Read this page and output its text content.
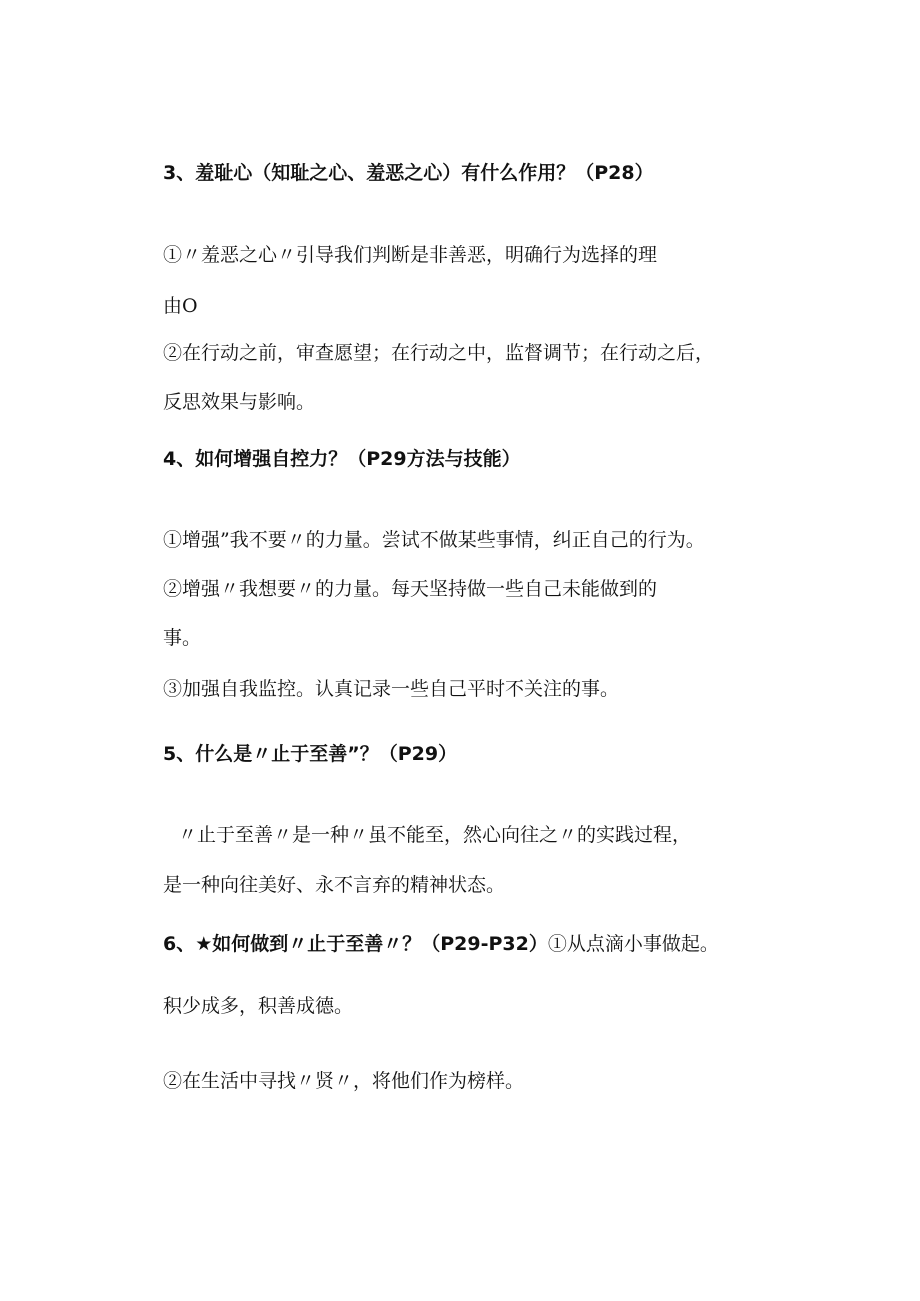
3、羞耻心（知耻之心、羞恶之心）有什么作用？（P28）
①〃羞恶之心〃引导我们判断是非善恶，明确行为选择的理
由O
②在行动之前，审查愿望；在行动之中，监督调节；在行动之后，
反思效果与影响。
4、如何增强自控力？（P29方法与技能）
①增强”我不要〃的力量。尝试不做某些事情，纠正自己的行为。
②增强〃我想要〃的力量。每天坚持做一些自己未能做到的
事。
③加强自我监控。认真记录一些自己平时不关注的事。
5、什么是〃止于至善”？（P29）
〃止于至善〃是一种〃虽不能至，然心向往之〃的实践过程，
是一种向往美好、永不言弃的精神状态。
6、★如何做到〃止于至善〃？（P29-P32）①从点滴小事做起。
积少成多，积善成德。
②在生活中寻找〃贤〃，将他们作为榜样。
